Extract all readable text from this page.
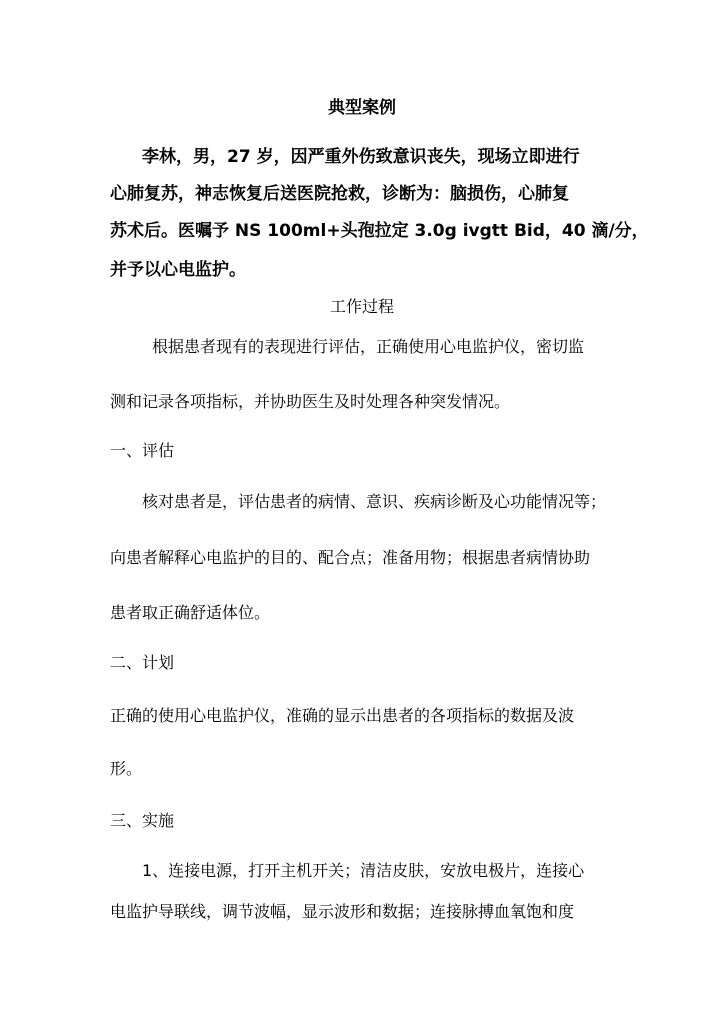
典型案例
李林，男，27 岁，因严重外伤致意识丧失，现场立即进行
心肺复苏，神志恢复后送医院抢救，诊断为：脑损伤，心肺复
苏术后。医嘱予 NS 100ml+头孢拉定 3.0g ivgtt Bid，40 滴/分，
并予以心电监护。
工作过程
根据患者现有的表现进行评估，正确使用心电监护仪，密切监
测和记录各项指标，并协助医生及时处理各种突发情况。
一、评估
核对患者是，评估患者的病情、意识、疾病诊断及心功能情况等；
向患者解释心电监护的目的、配合点；准备用物；根据患者病情协助
患者取正确舒适体位。
二、计划
正确的使用心电监护仪，准确的显示出患者的各项指标的数据及波
形。
三、实施
1、连接电源，打开主机开关；清洁皮肤，安放电极片，连接心
电监护导联线，调节波幅，显示波形和数据；连接脉搏血氧饱和度
